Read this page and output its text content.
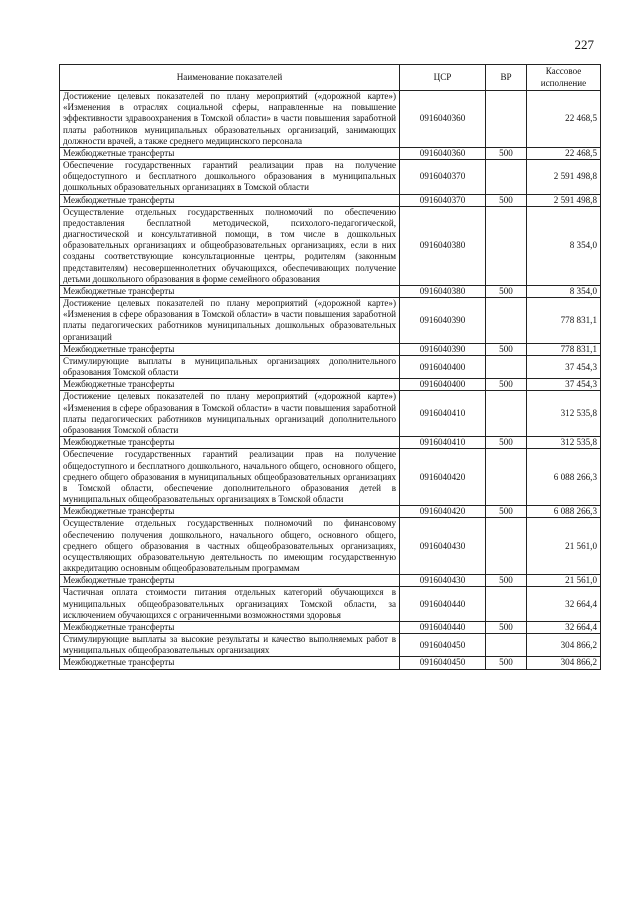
227
Наименование показателей	ЦСР	ВР	Кассовое исполнение
Достижение целевых показателей по плану мероприятий («дорожной карте») «Изменения в отраслях социальной сферы, направленные на повышение эффективности здравоохранения в Томской области» в части повышения заработной платы работников муниципальных образовательных организаций, занимающих должности врачей, а также среднего медицинского персонала	0916040360		22 468,5
Межбюджетные трансферты	0916040360	500	22 468,5
Обеспечение государственных гарантий реализации прав на получение общедоступного и бесплатного дошкольного образования в муниципальных дошкольных образовательных организациях в Томской области	0916040370		2 591 498,8
Межбюджетные трансферты	0916040370	500	2 591 498,8
Осуществление отдельных государственных полномочий по обеспечению предоставления бесплатной методической, психолого-педагогической, диагностической и консультативной помощи, в том числе в дошкольных образовательных организациях и общеобразовательных организациях, если в них созданы соответствующие консультационные центры, родителям (законным представителям) несовершеннолетних обучающихся, обеспечивающих получение детьми дошкольного образования в форме семейного образования	0916040380		8 354,0
Межбюджетные трансферты	0916040380	500	8 354,0
Достижение целевых показателей по плану мероприятий («дорожной карте») «Изменения в сфере образования в Томской области» в части повышения заработной платы педагогических работников муниципальных дошкольных образовательных организаций	0916040390		778 831,1
Межбюджетные трансферты	0916040390	500	778 831,1
Стимулирующие выплаты в муниципальных организациях дополнительного образования Томской области	0916040400		37 454,3
Межбюджетные трансферты	0916040400	500	37 454,3
Достижение целевых показателей по плану мероприятий («дорожной карте») «Изменения в сфере образования в Томской области» в части повышения заработной платы педагогических работников муниципальных организаций дополнительного образования Томской области	0916040410		312 535,8
Межбюджетные трансферты	0916040410	500	312 535,8
Обеспечение государственных гарантий реализации прав на получение общедоступного и бесплатного дошкольного, начального общего, основного общего, среднего общего образования в муниципальных общеобразовательных организациях в Томской области, обеспечение дополнительного образования детей в муниципальных общеобразовательных организациях в Томской области	0916040420		6 088 266,3
Межбюджетные трансферты	0916040420	500	6 088 266,3
Осуществление отдельных государственных полномочий по финансовому обеспечению получения дошкольного, начального общего, основного общего, среднего общего образования в частных общеобразовательных организациях, осуществляющих образовательную деятельность по имеющим государственную аккредитацию основным общеобразовательным программам	0916040430		21 561,0
Межбюджетные трансферты	0916040430	500	21 561,0
Частичная оплата стоимости питания отдельных категорий обучающихся в муниципальных общеобразовательных организациях Томской области, за исключением обучающихся с ограниченными возможностями здоровья	0916040440		32 664,4
Межбюджетные трансферты	0916040440	500	32 664,4
Стимулирующие выплаты за высокие результаты и качество выполняемых работ в муниципальных общеобразовательных организациях	0916040450		304 866,2
Межбюджетные трансферты	0916040450	500	304 866,2
